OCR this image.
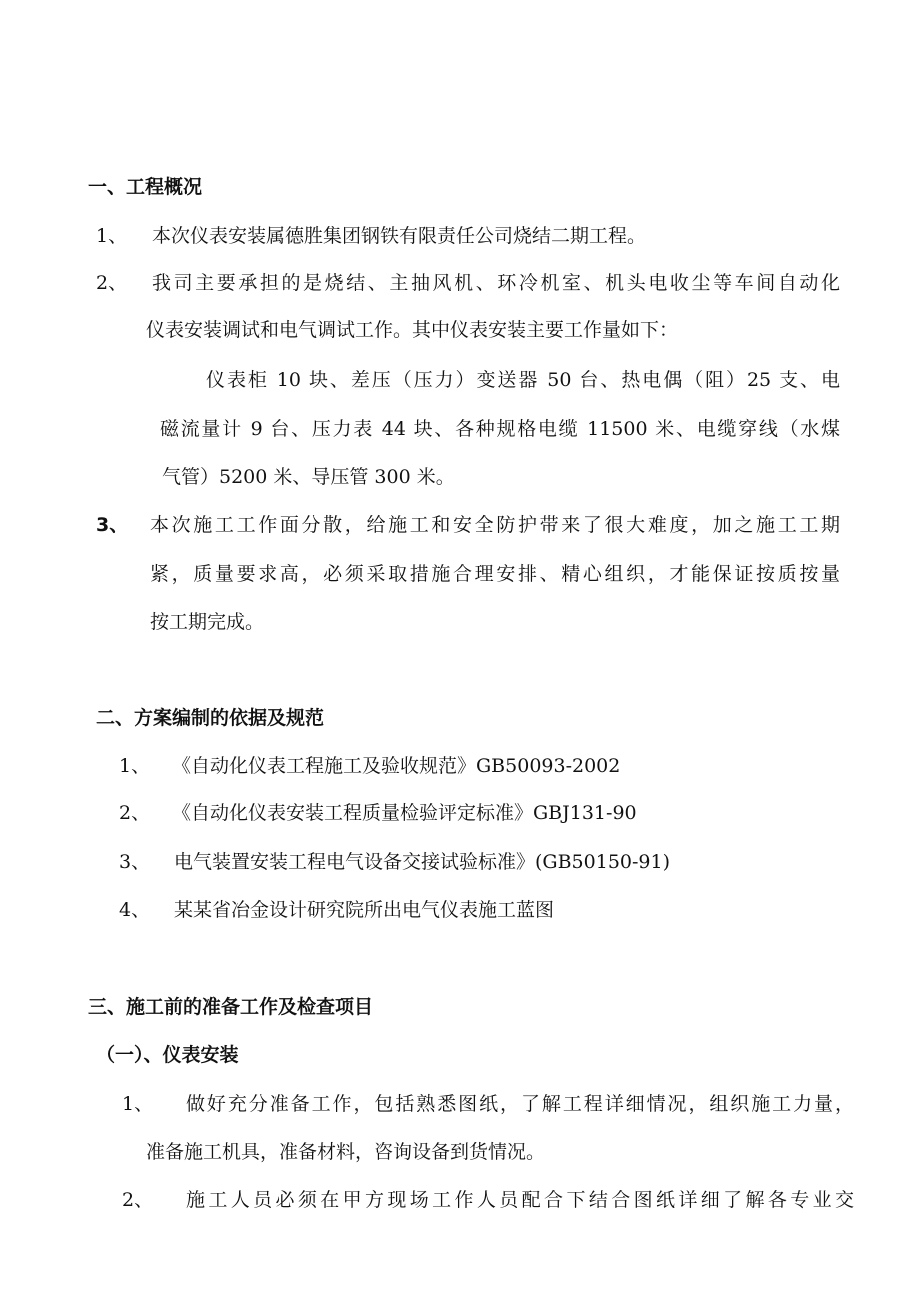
一、工程概况
1、 本次仪表安装属德胜集团钢铁有限责任公司烧结二期工程。
2、 我司主要承担的是烧结、主抽风机、环冷机室、机头电收尘等车间自动化
仪表安装调试和电气调试工作。其中仪表安装主要工作量如下：
仪表柜 10 块、差压（压力）变送器 50 台、热电偶（阻）25 支、电
磁流量计 9 台、压力表 44 块、各种规格电缆 11500 米、电缆穿线（水煤
气管）5200 米、导压管 300 米。
3、 本次施工工作面分散，给施工和安全防护带来了很大难度，加之施工工期
紧，质量要求高，必须采取措施合理安排、精心组织，才能保证按质按量
按工期完成。
二、方案编制的依据及规范
1、 《自动化仪表工程施工及验收规范》GB50093-2002
2、 《自动化仪表安装工程质量检验评定标准》GBJ131-90
3、 电气装置安装工程电气设备交接试验标准》(GB50150-91)
4、 某某省冶金设计研究院所出电气仪表施工蓝图
三、施工前的准备工作及检查项目
（一）、仪表安装
1、 做好充分准备工作，包括熟悉图纸，了解工程详细情况，组织施工力量，
准备施工机具，准备材料，咨询设备到货情况。
2、 施工人员必须在甲方现场工作人员配合下结合图纸详细了解各专业交
